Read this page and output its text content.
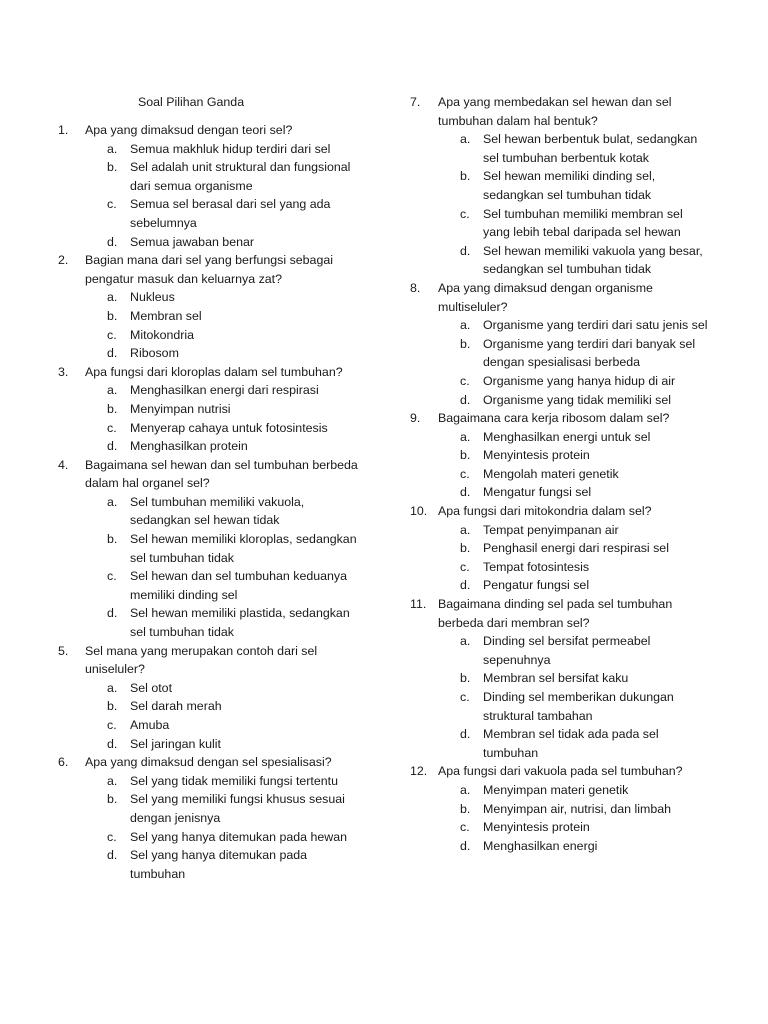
Soal Pilihan Ganda
1. Apa yang dimaksud dengan teori sel?
a. Semua makhluk hidup terdiri dari sel
b. Sel adalah unit struktural dan fungsional dari semua organisme
c. Semua sel berasal dari sel yang ada sebelumnya
d. Semua jawaban benar
2. Bagian mana dari sel yang berfungsi sebagai pengatur masuk dan keluarnya zat?
a. Nukleus
b. Membran sel
c. Mitokondria
d. Ribosom
3. Apa fungsi dari kloroplas dalam sel tumbuhan?
a. Menghasilkan energi dari respirasi
b. Menyimpan nutrisi
c. Menyerap cahaya untuk fotosintesis
d. Menghasilkan protein
4. Bagaimana sel hewan dan sel tumbuhan berbeda dalam hal organel sel?
a. Sel tumbuhan memiliki vakuola, sedangkan sel hewan tidak
b. Sel hewan memiliki kloroplas, sedangkan sel tumbuhan tidak
c. Sel hewan dan sel tumbuhan keduanya memiliki dinding sel
d. Sel hewan memiliki plastida, sedangkan sel tumbuhan tidak
5. Sel mana yang merupakan contoh dari sel uniseluler?
a. Sel otot
b. Sel darah merah
c. Amuba
d. Sel jaringan kulit
6. Apa yang dimaksud dengan sel spesialisasi?
a. Sel yang tidak memiliki fungsi tertentu
b. Sel yang memiliki fungsi khusus sesuai dengan jenisnya
c. Sel yang hanya ditemukan pada hewan
d. Sel yang hanya ditemukan pada tumbuhan
7. Apa yang membedakan sel hewan dan sel tumbuhan dalam hal bentuk?
a. Sel hewan berbentuk bulat, sedangkan sel tumbuhan berbentuk kotak
b. Sel hewan memiliki dinding sel, sedangkan sel tumbuhan tidak
c. Sel tumbuhan memiliki membran sel yang lebih tebal daripada sel hewan
d. Sel hewan memiliki vakuola yang besar, sedangkan sel tumbuhan tidak
8. Apa yang dimaksud dengan organisme multiseluler?
a. Organisme yang terdiri dari satu jenis sel
b. Organisme yang terdiri dari banyak sel dengan spesialisasi berbeda
c. Organisme yang hanya hidup di air
d. Organisme yang tidak memiliki sel
9. Bagaimana cara kerja ribosom dalam sel?
a. Menghasilkan energi untuk sel
b. Menyintesis protein
c. Mengolah materi genetik
d. Mengatur fungsi sel
10. Apa fungsi dari mitokondria dalam sel?
a. Tempat penyimpanan air
b. Penghasil energi dari respirasi sel
c. Tempat fotosintesis
d. Pengatur fungsi sel
11. Bagaimana dinding sel pada sel tumbuhan berbeda dari membran sel?
a. Dinding sel bersifat permeabel sepenuhnya
b. Membran sel bersifat kaku
c. Dinding sel memberikan dukungan struktural tambahan
d. Membran sel tidak ada pada sel tumbuhan
12. Apa fungsi dari vakuola pada sel tumbuhan?
a. Menyimpan materi genetik
b. Menyimpan air, nutrisi, dan limbah
c. Menyintesis protein
d. Menghasilkan energi
